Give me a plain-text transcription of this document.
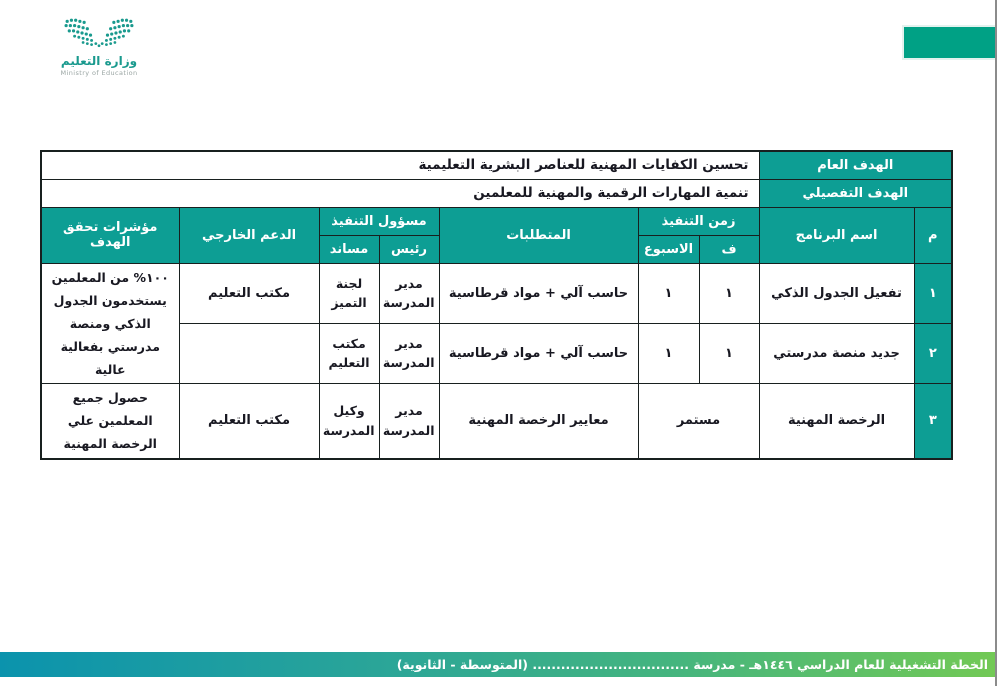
وزارة التعليم
Ministry of Education
الهدف العام		تحسين الكفايات المهنية للعناصر البشرية التعليمية						
الهدف التفصيلي		تنمية المهارات الرقمية والمهنية للمعلمين						
م	اسم البرنامج	زمن التنفيذ		المتطلبات	مسؤول التنفيذ		الدعم الخارجي	مؤشرات تحقق الهدف
		ف	الاسبوع		رئيس	مساند		
١	تفعيل الجدول الذكي	١	١	حاسب آلي + مواد قرطاسية	مدير المدرسة	لجنة التميز	مكتب التعليم	١٠٠% من المعلمين يستخدمون الجدول الذكي ومنصة مدرستي بفعالية عالية
٢	جديد منصة مدرستي	١	١	حاسب آلي + مواد قرطاسية	مدير المدرسة	مكتب التعليم		
٣	الرخصة المهنية	مستمر		معايير الرخصة المهنية	مدير المدرسة	وكيل المدرسة	مكتب التعليم	حصول جميع المعلمين علي الرخصة المهنية
الخطة التشغيلية للعام الدراسي ١٤٤٦هـ - مدرسة ................................. (المتوسطة - الثانوية)
